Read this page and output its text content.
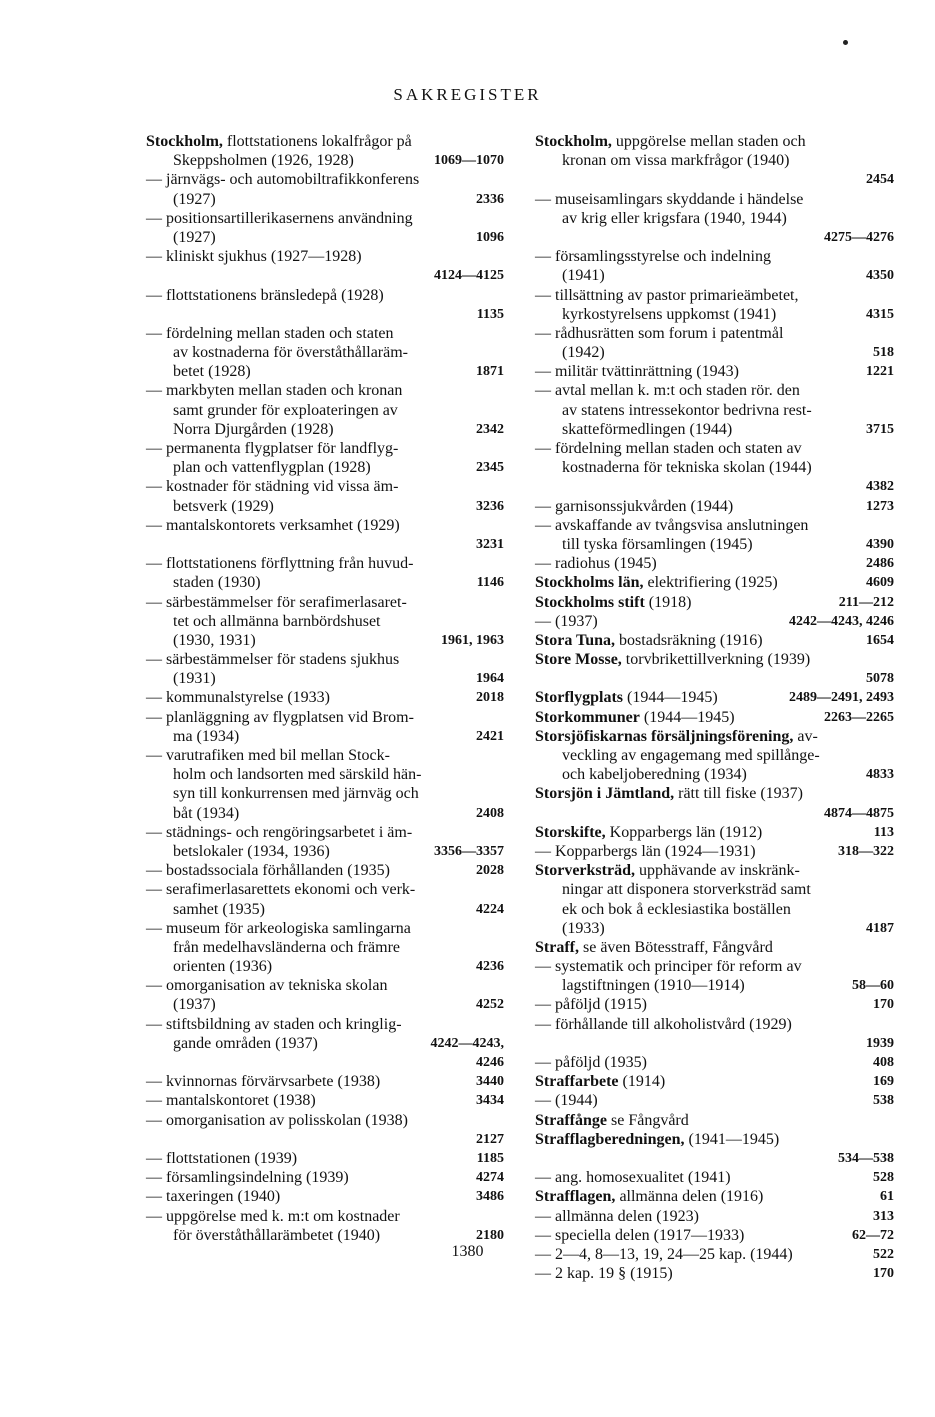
SAKREGISTER
Stockholm, flottstationens lokalfrågor på
Skeppsholmen (1926, 1928)	1069—1070
— järnvägs- och automobiltrafikkonferens
(1927)	2336
— positionsartillerikasernens användning
(1927)	1096
— kliniskt sjukhus (1927—1928)
4124—4125
— flottstationens bränsledepå (1928)
1135
— fördelning mellan staden och staten
av kostnaderna för överståthållaräm-
betet (1928)	1871
— markbyten mellan staden och kronan
samt grunder för exploateringen av
Norra Djurgården (1928)	2342
— permanenta flygplatser för landflyg-
plan och vattenflygplan (1928)	2345
— kostnader för städning vid vissa äm-
betsverk (1929)	3236
— mantalskontorets verksamhet (1929)
3231
— flottstationens förflyttning från huvud-
staden (1930)	1146
— särbestämmelser för serafimerlasaret-
tet och allmänna barnbördshuset
(1930, 1931)	1961, 1963
— särbestämmelser för stadens sjukhus
(1931)	1964
— kommunalstyrelse (1933)	2018
— planläggning av flygplatsen vid Brom-
ma (1934)	2421
— varutrafiken med bil mellan Stock-
holm och landsorten med särskild hän-
syn till konkurrensen med järnväg och
båt (1934)	2408
— städnings- och rengöringsarbetet i äm-
betslokaler (1934, 1936)	3356—3357
— bostadssociala förhållanden (1935)	2028
— serafimerlasarettets ekonomi och verk-
samhet (1935)	4224
— museum för arkeologiska samlingarna
från medelhavsländerna och främre
orienten (1936)	4236
— omorganisation av tekniska skolan
(1937)	4252
— stiftsbildning av staden och kringlig-
gande områden (1937)	4242—4243,
4246
— kvinnornas förvärvsarbete (1938)	3440
— mantalskontoret (1938)	3434
— omorganisation av polisskolan (1938)
2127
— flottstationen (1939)	1185
— församlingsindelning (1939)	4274
— taxeringen (1940)	3486
— uppgörelse med k. m:t om kostnader
för överståthållarämbetet (1940)	2180
Stockholm, uppgörelse mellan staden och
kronan om vissa markfrågor (1940)
2454
— museisamlingars skyddande i händelse
av krig eller krigsfara (1940, 1944)
4275—4276
— församlingsstyrelse och indelning
(1941)	4350
— tillsättning av pastor primarieämbetet,
kyrkostyrelsens uppkomst (1941)	4315
— rådhusrätten som forum i patentmål
(1942)	518
— militär tvättinrättning (1943)	1221
— avtal mellan k. m:t och staden rör. den
av statens intressekontor bedrivna rest-
skatteförmedlingen (1944)	3715
— fördelning mellan staden och staten av
kostnaderna för tekniska skolan (1944)
4382
— garnisonssjukvården (1944)	1273
— avskaffande av tvångsvisa anslutningen
till tyska församlingen (1945)	4390
— radiohus (1945)	2486
Stockholms län, elektrifiering (1925)	4609
Stockholms stift (1918)	211—212
— (1937)	4242—4243, 4246
Stora Tuna, bostadsräkning (1916)	1654
Store Mosse, torvbrikettillverkning (1939)
5078
Storflygplats (1944—1945)	2489—2491, 2493
Storkommuner (1944—1945)	2263—2265
Storsjöfiskarnas försäljningsförening, av-
veckling av engagemang med spillånge-
och kabeljoberedning (1934)	4833
Storsjön i Jämtland, rätt till fiske (1937)
4874—4875
Storskifte, Kopparbergs län (1912)	113
— Kopparbergs län (1924—1931)	318—322
Storverksträd, upphävande av inskränk-
ningar att disponera storverksträd samt
ek och bok å ecklesiastika boställen
(1933)	4187
Straff, se även Bötesstraff, Fångvård
— systematik och principer för reform av
lagstiftningen (1910—1914)	58—60
— påföljd (1915)	170
— förhållande till alkoholistvård (1929)
1939
— påföljd (1935)	408
Straffarbete (1914)	169
— (1944)	538
Straffånge se Fångvård
Strafflagberedningen, (1941—1945)
534—538
— ang. homosexualitet (1941)	528
Strafflagen, allmänna delen (1916)	61
— allmänna delen (1923)	313
— speciella delen (1917—1933)	62—72
— 2—4, 8—13, 19, 24—25 kap. (1944)	522
— 2 kap. 19 § (1915)	170
1380
